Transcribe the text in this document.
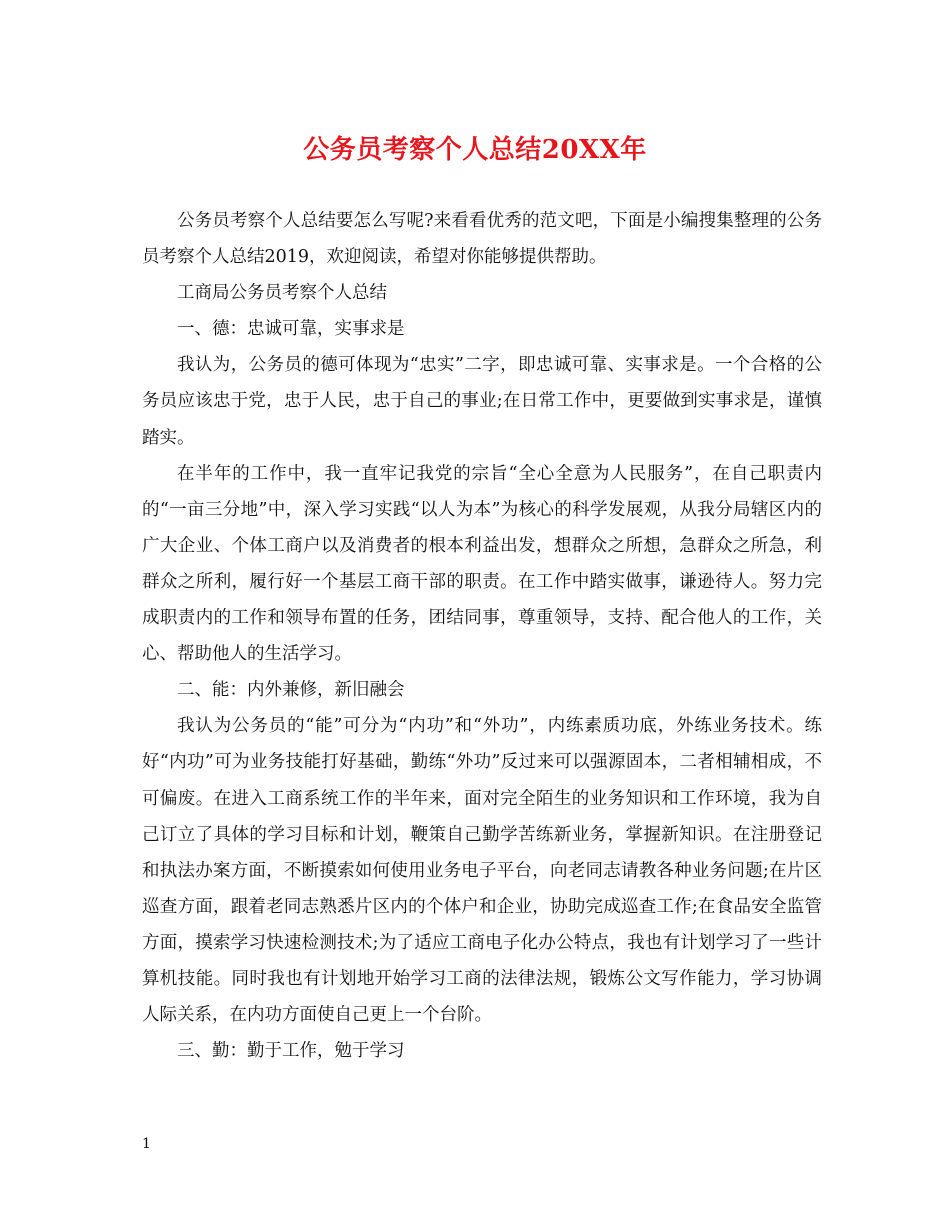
公务员考察个人总结20XX年

公务员考察个人总结要怎么写呢?来看看优秀的范文吧，下面是小编搜集整理的公务员考察个人总结2019，欢迎阅读，希望对你能够提供帮助。

工商局公务员考察个人总结

一、德：忠诚可靠，实事求是

我认为，公务员的德可体现为“忠实”二字，即忠诚可靠、实事求是。一个合格的公务员应该忠于党，忠于人民，忠于自己的事业;在日常工作中，更要做到实事求是，谨慎踏实。

在半年的工作中，我一直牢记我党的宗旨“全心全意为人民服务”，在自己职责内的“一亩三分地”中，深入学习实践“以人为本”为核心的科学发展观，从我分局辖区内的广大企业、个体工商户以及消费者的根本利益出发，想群众之所想，急群众之所急，利群众之所利，履行好一个基层工商干部的职责。在工作中踏实做事，谦逊待人。努力完成职责内的工作和领导布置的任务，团结同事，尊重领导，支持、配合他人的工作，关心、帮助他人的生活学习。

二、能：内外兼修，新旧融会

我认为公务员的“能”可分为“内功”和“外功”，内练素质功底，外练业务技术。练好“内功”可为业务技能打好基础，勤练“外功”反过来可以强源固本，二者相辅相成，不可偏废。在进入工商系统工作的半年来，面对完全陌生的业务知识和工作环境，我为自己订立了具体的学习目标和计划，鞭策自己勤学苦练新业务，掌握新知识。在注册登记和执法办案方面，不断摸索如何使用业务电子平台，向老同志请教各种业务问题;在片区巡查方面，跟着老同志熟悉片区内的个体户和企业，协助完成巡查工作;在食品安全监管方面，摸索学习快速检测技术;为了适应工商电子化办公特点，我也有计划学习了一些计算机技能。同时我也有计划地开始学习工商的法律法规，锻炼公文写作能力，学习协调人际关系，在内功方面使自己更上一个台阶。

三、勤：勤于工作，勉于学习

1
